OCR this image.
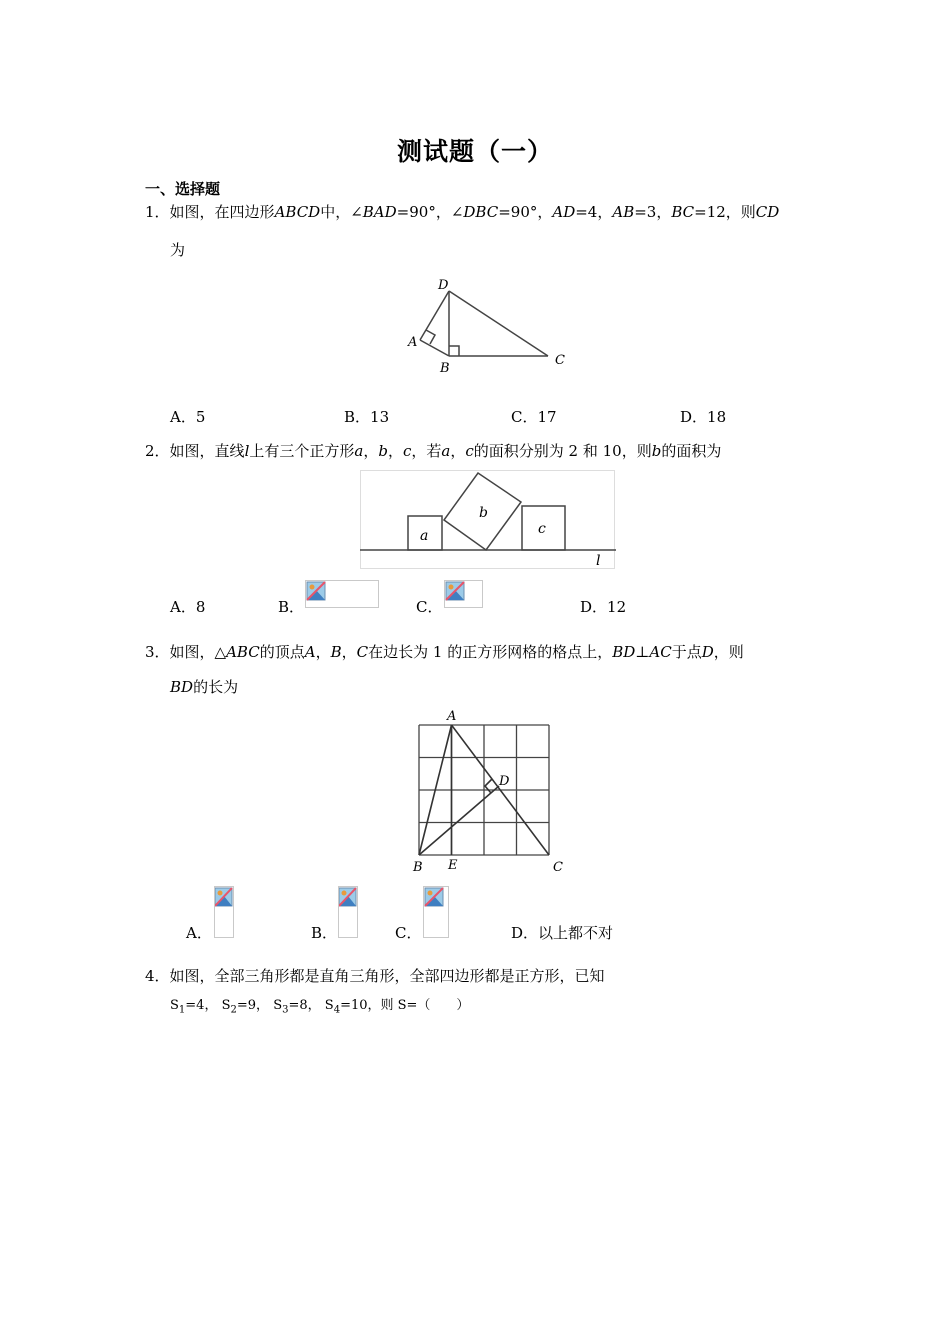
测试题（一）
一、选择题
1．如图，在四边形ABCD中，∠BAD=90°，∠DBC=90°，AD=4，AB=3，BC=12，则CD
为
D
A
B
C
A．5	B．13	C．17	D．18
2．如图，直线l上有三个正方形a，b，c，若a，c的面积分别为 2 和 10，则b的面积为
a
b
c
l
A．8	B．	C．	D．12
3．如图，△ABC的顶点A，B，C在边长为 1 的正方形网格的格点上，BD⊥AC于点D，则
BD的长为
A
D
B E	C
A．	B．	C．	D．以上都不对
4．如图，全部三角形都是直角三角形，全部四边形都是正方形，已知
$S_1=4$， $S_2=9$， $S_3=8$， $S_4=10$，则 S=（　　）
